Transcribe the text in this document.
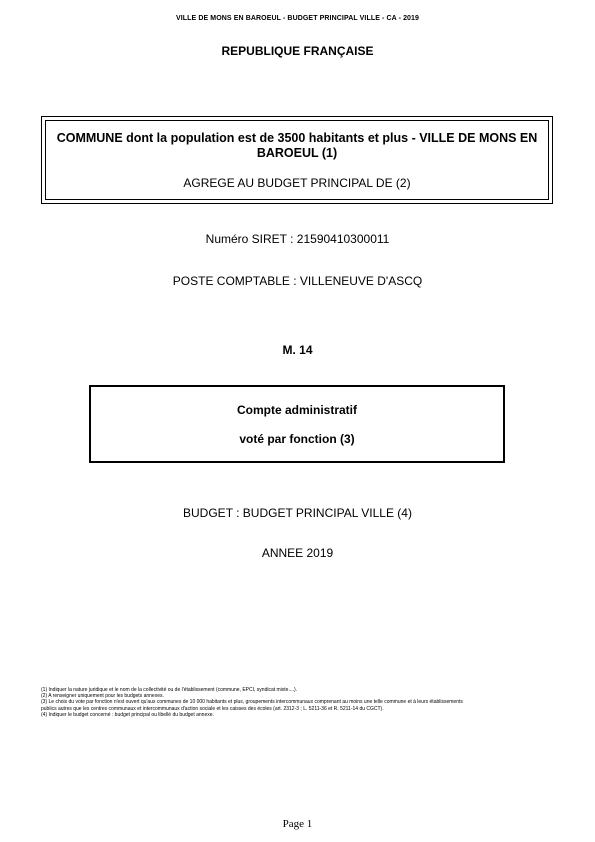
VILLE DE MONS EN BAROEUL - BUDGET PRINCIPAL VILLE - CA - 2019
REPUBLIQUE FRANÇAISE
COMMUNE dont la population est de 3500 habitants et plus - VILLE DE MONS EN BAROEUL (1)
AGREGE AU BUDGET PRINCIPAL DE (2)
Numéro SIRET : 21590410300011
POSTE COMPTABLE : VILLENEUVE D'ASCQ
M. 14
Compte administratif
voté par fonction (3)
BUDGET : BUDGET PRINCIPAL VILLE (4)
ANNEE 2019
(1) Indiquer la nature juridique et le nom de la collectivité ou de l'établissement (commune, EPCI, syndicat mixte....).
(2) A renseigner uniquement pour les budgets annexes.
(3) Le choix du vote par fonction n'est ouvert qu'aux communes de 10 000 habitants et plus, groupements intercommunaux comprenant au moins une telle commune et à leurs établissements
publics autres que les centres communaux et intercommunaux d'action sociale et les caisses des écoles (art. 2312-3 ; L. 5211-36 et R. 5211-14 du CGCT).
(4) Indiquer le budget concerné : budget principal ou libellé du budget annexe.
Page 1
